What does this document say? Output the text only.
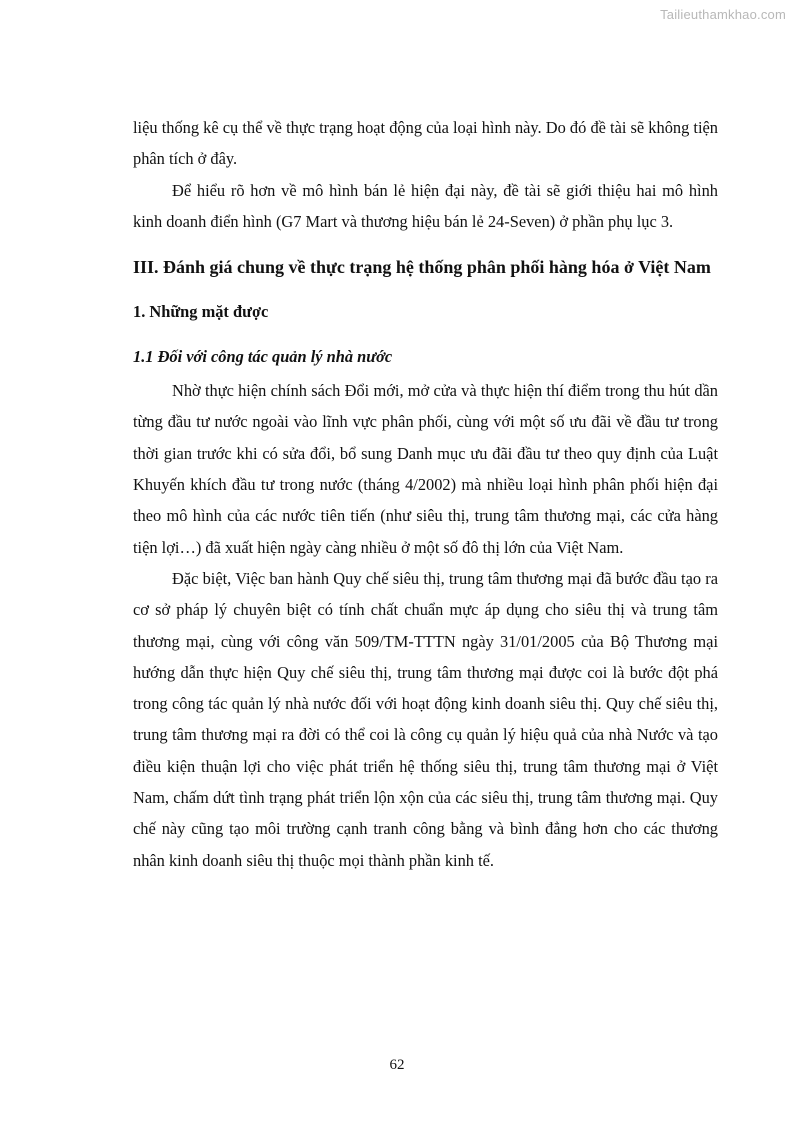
Tailieuthamkhao.com

liệu thống kê cụ thể về thực trạng hoạt động của loại hình này. Do đó đề tài sẽ không tiện phân tích ở đây.

Để hiểu rõ hơn về mô hình bán lẻ hiện đại này, đề tài sẽ giới thiệu hai mô hình kinh doanh điển hình (G7 Mart và thương hiệu bán lẻ 24-Seven) ở phần phụ lục 3.

III. Đánh giá chung về thực trạng hệ thống phân phối hàng hóa ở Việt Nam
1. Những mặt được
1.1 Đối với công tác quản lý nhà nước

Nhờ thực hiện chính sách Đổi mới, mở cửa và thực hiện thí điểm trong thu hút dần từng đầu tư nước ngoài vào lĩnh vực phân phối, cùng với một số ưu đãi về đầu tư trong thời gian trước khi có sửa đổi, bổ sung Danh mục ưu đãi đầu tư theo quy định của Luật Khuyến khích đầu tư trong nước (tháng 4/2002) mà nhiều loại hình phân phối hiện đại theo mô hình của các nước tiên tiến (như siêu thị, trung tâm thương mại, các cửa hàng tiện lợi…) đã xuất hiện ngày càng nhiều ở một số đô thị lớn của Việt Nam.

Đặc biệt, Việc ban hành Quy chế siêu thị, trung tâm thương mại đã bước đầu tạo ra cơ sở pháp lý chuyên biệt có tính chất chuẩn mực áp dụng cho siêu thị và trung tâm thương mại, cùng với công văn 509/TM-TTTN ngày 31/01/2005 của Bộ Thương mại hướng dẫn thực hiện Quy chế siêu thị, trung tâm thương mại được coi là bước đột phá trong công tác quản lý nhà nước đối với hoạt động kinh doanh siêu thị. Quy chế siêu thị, trung tâm thương mại ra đời có thể coi là công cụ quản lý hiệu quả của nhà Nước và tạo điều kiện thuận lợi cho việc phát triển hệ thống siêu thị, trung tâm thương mại ở Việt Nam, chấm dứt tình trạng phát triển lộn xộn của các siêu thị, trung tâm thương mại. Quy chế này cũng tạo môi trường cạnh tranh công bằng và bình đẳng hơn cho các thương nhân kinh doanh siêu thị thuộc mọi thành phần kinh tế.

62
